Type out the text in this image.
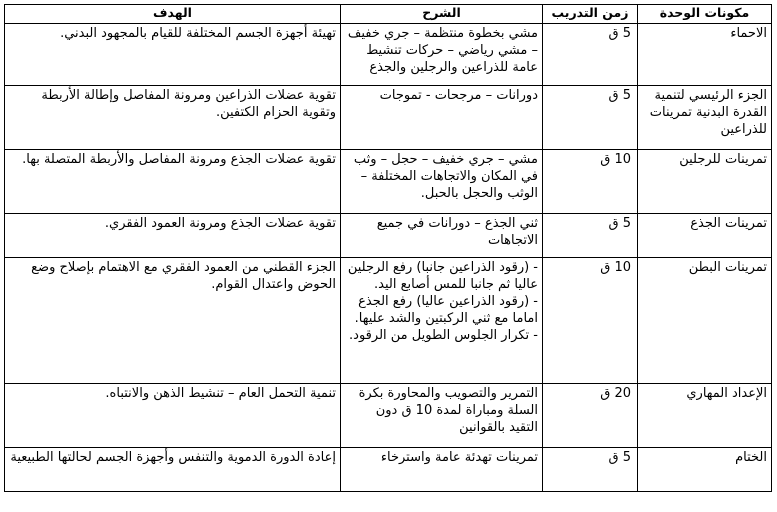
مكونات الوحدة	زمن التدريب	الشرح	الهدف
الاحماء	5 ق	مشي بخطوة منتظمة – جري خفيف – مشي رياضي – حركات تنشيط عامة للذراعين والرجلين والجذع	تهيئة أجهزة الجسم المختلفة للقيام بالمجهود البدني.
الجزء الرئيسي لتنمية القدرة البدنية تمرينات للذراعين	5 ق	دورانات – مرجحات - تموجات	تقوية عضلات الذراعين ومرونة المفاصل وإطالة الأربطة وتقوية الحزام الكتفين.
تمرينات للرجلين	10 ق	مشي – جري خفيف – حجل – وثب في المكان والاتجاهات المختلفة – الوثب والحجل بالحبل.	تقوية عضلات الجذع ومرونة المفاصل والأربطة المتصلة بها.
تمرينات الجذع	5 ق	ثني الجذع – دورانات في جميع الاتجاهات	تقوية عضلات الجذع ومرونة العمود الفقري.
تمرينات البطن	10 ق	- (رقود الذراعين جانبا) رفع الرجلين عاليا ثم جانبا للمس أصابع اليد.
- (رقود الذراعين عاليا) رفع الجذع اماما مع ثني الركبتين والشد عليها.
- تكرار الجلوس الطويل من الرقود.	الجزء القطني من العمود الفقري مع الاهتمام بإصلاح وضع الحوض واعتدال القوام.
الإعداد المهاري	20 ق	التمرير والتصويب والمحاورة بكرة السلة ومباراة لمدة 10 ق دون التقيد بالقوانين	تنمية التحمل العام – تنشيط الذهن والانتباه.
الختام	5 ق	تمرينات تهدئة عامة واسترخاء	إعادة الدورة الدموية والتنفس وأجهزة الجسم لحالتها الطبيعية
